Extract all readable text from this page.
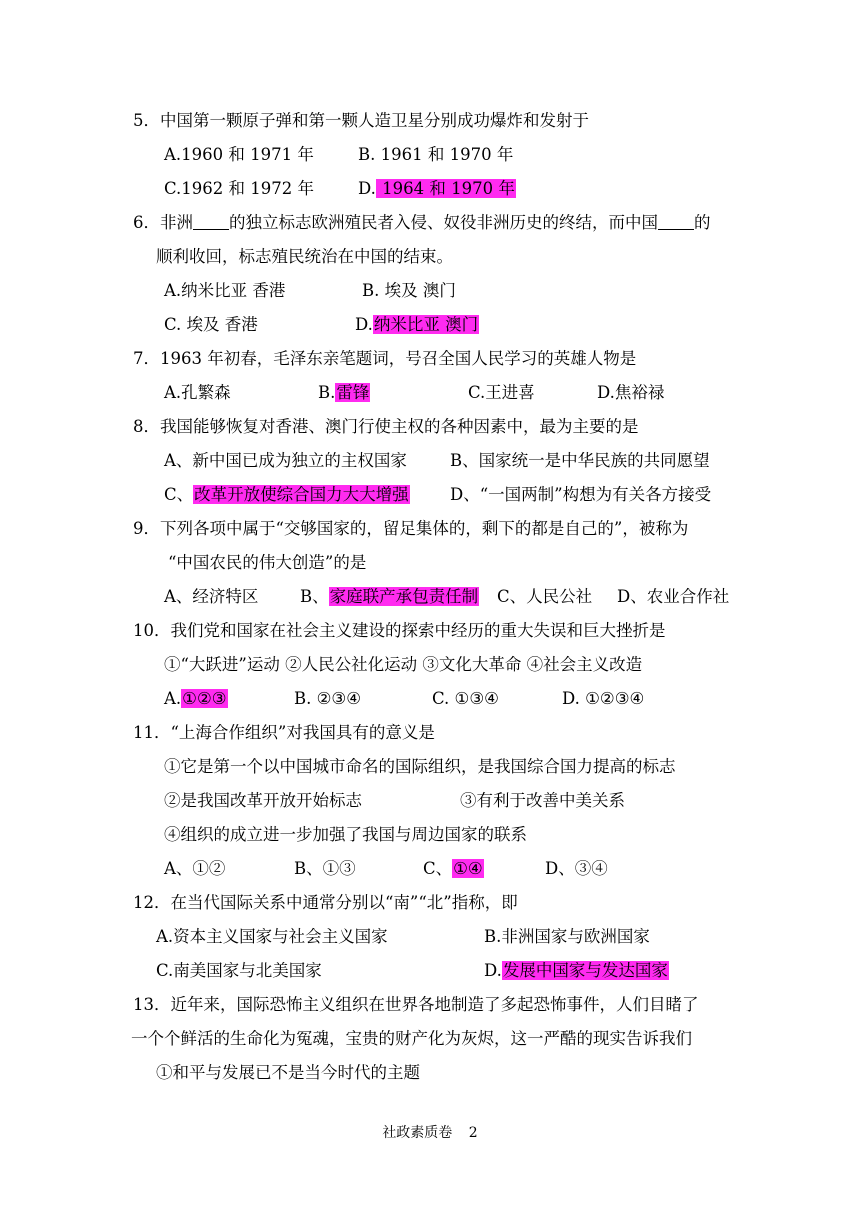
5．中国第一颗原子弹和第一颗人造卫星分别成功爆炸和发射于
A.1960 和 1971 年	B. 1961 和 1970 年
C.1962 和 1972 年	D. 1964 和 1970 年
6．非洲 的独立标志欧洲殖民者入侵、奴役非洲历史的终结，而中国 的
顺利收回，标志殖民统治在中国的结束。
A.纳米比亚 香港	B. 埃及 澳门
C. 埃及 香港	D.纳米比亚 澳门
7．1963 年初春，毛泽东亲笔题词，号召全国人民学习的英雄人物是
A.孔繁森	B.雷锋	C.王进喜	D.焦裕禄
8．我国能够恢复对香港、澳门行使主权的各种因素中，最为主要的是
A、新中国已成为独立的主权国家	B、国家统一是中华民族的共同愿望
C、改革开放使综合国力大大增强	D、“一国两制”构想为有关各方接受
9．下列各项中属于“交够国家的，留足集体的，剩下的都是自己的”，被称为
“中国农民的伟大创造”的是
A、经济特区	B、家庭联产承包责任制 C、人民公社 D、农业合作社
10．我们党和国家在社会主义建设的探索中经历的重大失误和巨大挫折是
①“大跃进”运动 ②人民公社化运动 ③文化大革命 ④社会主义改造
A.①②③	B. ②③④	C. ①③④	D. ①②③④
11．“上海合作组织”对我国具有的意义是
①它是第一个以中国城市命名的国际组织，是我国综合国力提高的标志
②是我国改革开放开始标志	③有利于改善中美关系
④组织的成立进一步加强了我国与周边国家的联系
A、①②	B、①③	C、①④	D、③④
12．在当代国际关系中通常分别以“南”“北”指称，即
A.资本主义国家与社会主义国家	B.非洲国家与欧洲国家
C.南美国家与北美国家	D.发展中国家与发达国家
13．近年来，国际恐怖主义组织在世界各地制造了多起恐怖事件，人们目睹了
一个个鲜活的生命化为冤魂，宝贵的财产化为灰烬，这一严酷的现实告诉我们
①和平与发展已不是当今时代的主题
社政素质卷 2
